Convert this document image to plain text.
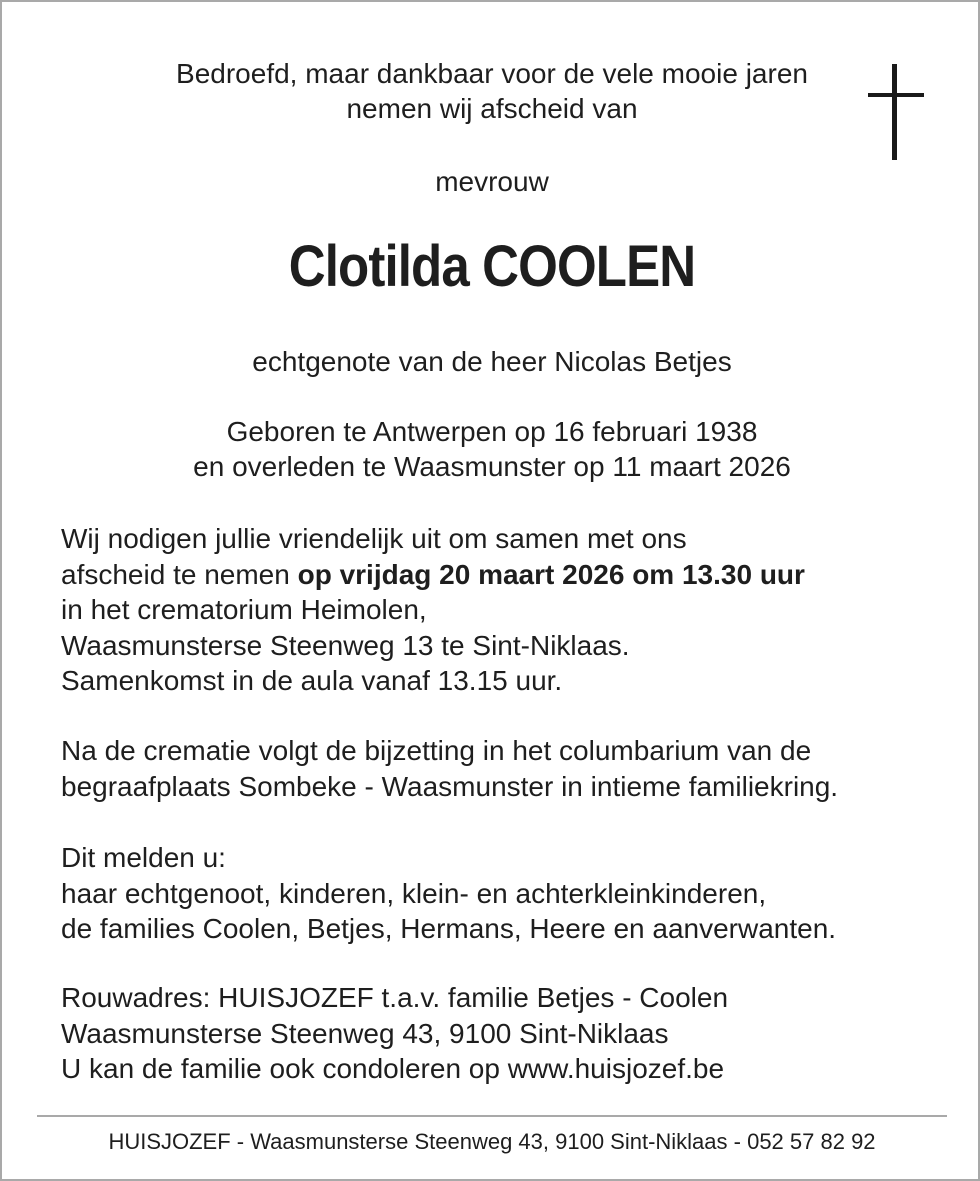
Bedroefd, maar dankbaar voor de vele mooie jaren
nemen wij afscheid van
mevrouw
Clotilda COOLEN
echtgenote van de heer Nicolas Betjes
Geboren te Antwerpen op 16 februari 1938
en overleden te Waasmunster op 11 maart 2026
Wij nodigen jullie vriendelijk uit om samen met ons
afscheid te nemen op vrijdag 20 maart 2026 om 13.30 uur
in het crematorium Heimolen,
Waasmunsterse Steenweg 13 te Sint-Niklaas.
Samenkomst in de aula vanaf 13.15 uur.
Na de crematie volgt de bijzetting in het columbarium van de
begraafplaats Sombeke - Waasmunster in intieme familiekring.
Dit melden u:
haar echtgenoot, kinderen, klein- en achterkleinkinderen,
de families Coolen, Betjes, Hermans, Heere en aanverwanten.
Rouwadres: HUISJOZEF t.a.v. familie Betjes - Coolen
Waasmunsterse Steenweg 43, 9100 Sint-Niklaas
U kan de familie ook condoleren op www.huisjozef.be
HUISJOZEF - Waasmunsterse Steenweg 43, 9100 Sint-Niklaas - 052 57 82 92
